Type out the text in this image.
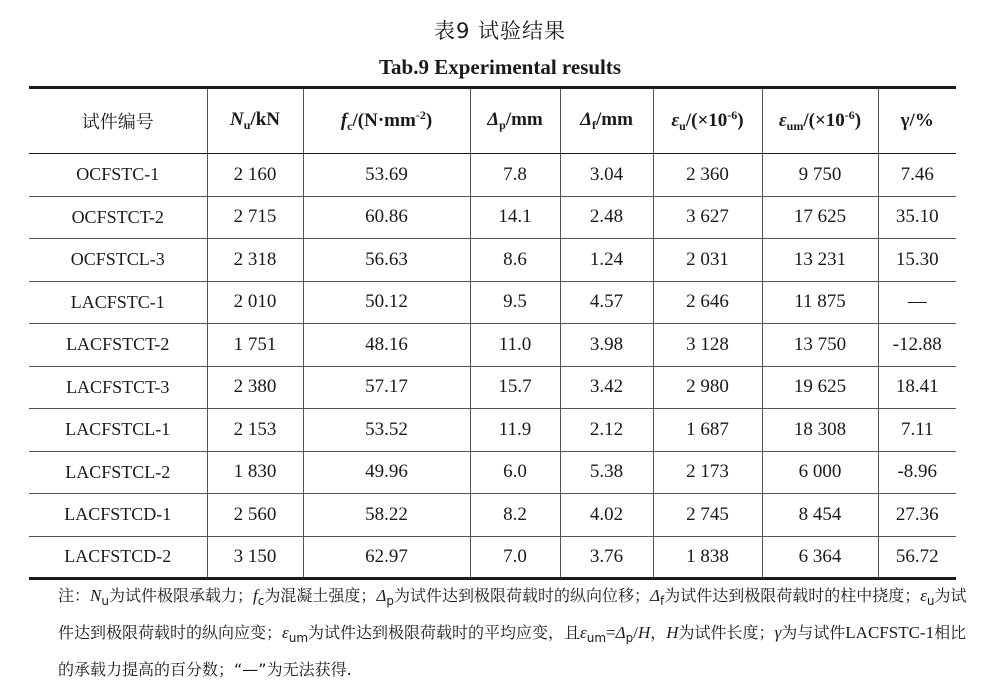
表9 试验结果
Tab.9 Experimental results
试件编号	$N_u/kN$	$f_c/(N\cdot mm^{-2})$	$\Delta_p/mm$	$\Delta_f/mm$	$\varepsilon_u/(\times 10^{-6})$	$\varepsilon_{um}/(\times 10^{-6})$	γ/%
OCFSTC-1	2 160	53.69	7.8	3.04	2 360	9 750	7.46
OCFSTCT-2	2 715	60.86	14.1	2.48	3 627	17 625	35.10
OCFSTCL-3	2 318	56.63	8.6	1.24	2 031	13 231	15.30
LACFSTC-1	2 010	50.12	9.5	4.57	2 646	11 875	—
LACFSTCT-2	1 751	48.16	11.0	3.98	3 128	13 750	-12.88
LACFSTCT-3	2 380	57.17	15.7	3.42	2 980	19 625	18.41
LACFSTCL-1	2 153	53.52	11.9	2.12	1 687	18 308	7.11
LACFSTCL-2	1 830	49.96	6.0	5.38	2 173	6 000	-8.96
LACFSTCD-1	2 560	58.22	8.2	4.02	2 745	8 454	27.36
LACFSTCD-2	3 150	62.97	7.0	3.76	1 838	6 364	56.72
注：$N_u$为试件极限承载力；$f_c$为混凝土强度；$\Delta_p$为试件达到极限荷载时的纵向位移；$\Delta_f$为试件达到极限荷载时的柱中挠度；$\varepsilon_u$为试件达到极限荷载时的纵向应变；$\varepsilon_{um}$为试件达到极限荷载时的平均应变，且$\varepsilon_{um}=\Delta_p/H$，H为试件长度；γ为与试件LACFSTC-1相比的承载力提高的百分数；“—”为无法获得.
